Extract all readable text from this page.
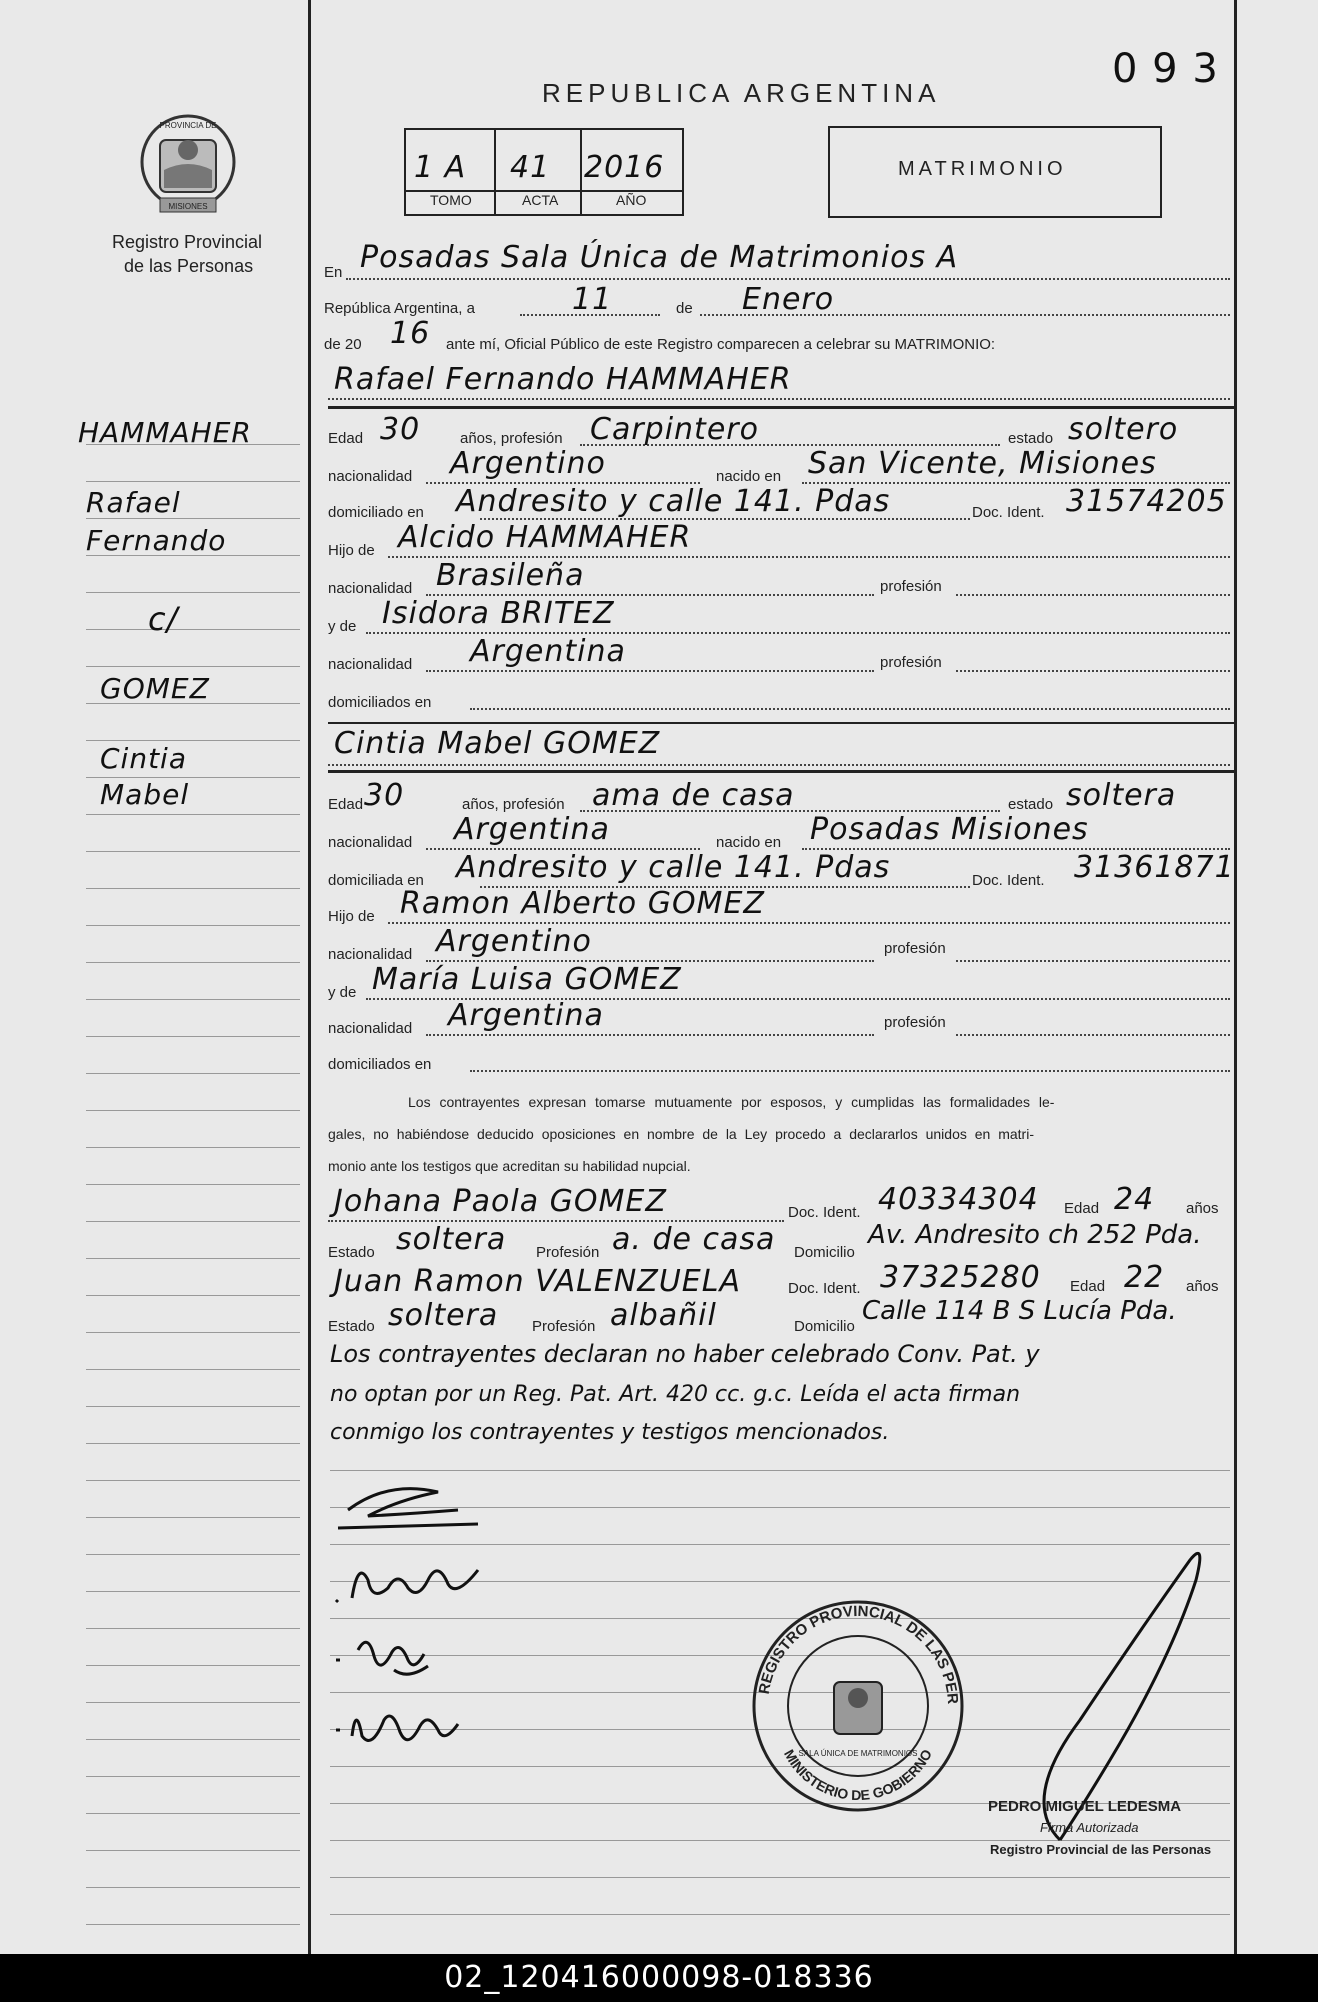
0 9 3
REPUBLICA ARGENTINA
PROVINCIA DE
MISIONES
Registro Provincial
de las Personas
1 A 41 2016
TOMO	ACTA	AÑO
MATRIMONIO
En Posadas Sala Única de Matrimonios A
República Argentina, a	11	de Enero
de 20 16 ante mí, Oficial Público de este Registro comparecen a celebrar su MATRIMONIO:
Rafael Fernando HAMMAHER
Edad 30	años, profesión Carpintero	estado soltero
nacionalidad Argentino	nacido en San Vicente, Misiones
domiciliado en Andresito y calle 141. Pdas	Doc. Ident. 31574205
Hijo de Alcido HAMMAHER
nacionalidad Brasileña	profesión
y de Isidora BRITEZ
nacionalidad Argentina	profesión
domiciliados en
Cintia Mabel GOMEZ
Edad 30	años, profesión ama de casa	estado soltera
nacionalidad Argentina	nacido en Posadas Misiones
domiciliada en Andresito y calle 141. Pdas	Doc. Ident. 31361871
Hijo de Ramon Alberto GOMEZ
nacionalidad Argentino	profesión
y de María Luisa GOMEZ
nacionalidad Argentina	profesión
domiciliados en
Los contrayentes expresan tomarse mutuamente por esposos, y cumplidas las formalidades le-
gales, no habiéndose deducido oposiciones en nombre de la Ley procedo a declararlos unidos en matri-
monio ante los testigos que acreditan su habilidad nupcial.
Johana Paola GOMEZ	Doc. Ident. 40334304 Edad 24 años
Estado soltera Profesión a. de casa Domicilio
Av. Andresito ch 252 Pda.
Juan Ramon VALENZUELA	Doc. Ident. 37325280 Edad 22 años
Estado soltera Profesión albañil	Domicilio
Calle 114 B S Lucía Pda.
Los contrayentes declaran no haber celebrado Conv. Pat. y
no optan por un Reg. Pat. Art. 420 cc. g.c. Leída el acta firman
conmigo los contrayentes y testigos mencionados.
HAMMAHER
Rafael
Fernando
c/
GOMEZ
Cintia
Mabel
REGISTRO PROVINCIAL DE LAS PER
MINISTERIO DE GOBIERNO
SALA ÚNICA DE MATRIMONIOS
PEDRO MIGUEL LEDESMA
Firma Autorizada
Registro Provincial de las Personas
02_120416000098-018336
